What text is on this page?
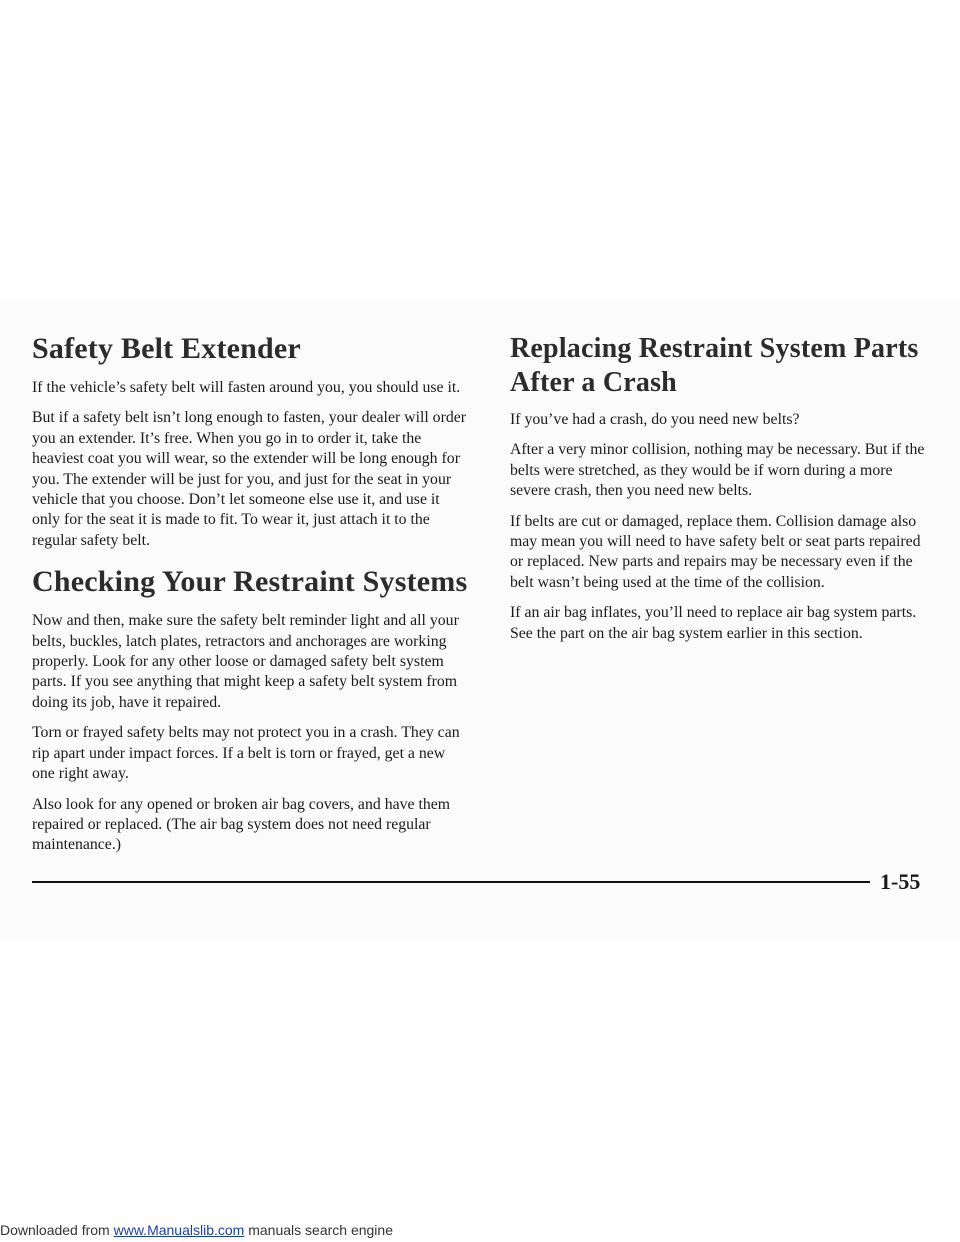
Safety Belt Extender

If the vehicle’s safety belt will fasten around you, you should use it.

But if a safety belt isn’t long enough to fasten, your dealer will order you an extender. It’s free. When you go in to order it, take the heaviest coat you will wear, so the extender will be long enough for you. The extender will be just for you, and just for the seat in your vehicle that you choose. Don’t let someone else use it, and use it only for the seat it is made to fit. To wear it, just attach it to the regular safety belt.

Checking Your Restraint Systems

Now and then, make sure the safety belt reminder light and all your belts, buckles, latch plates, retractors and anchorages are working properly. Look for any other loose or damaged safety belt system parts. If you see anything that might keep a safety belt system from doing its job, have it repaired.

Torn or frayed safety belts may not protect you in a crash. They can rip apart under impact forces. If a belt is torn or frayed, get a new one right away.

Also look for any opened or broken air bag covers, and have them repaired or replaced. (The air bag system does not need regular maintenance.)

Replacing Restraint System Parts
After a Crash

If you’ve had a crash, do you need new belts?

After a very minor collision, nothing may be necessary. But if the belts were stretched, as they would be if worn during a more severe crash, then you need new belts.

If belts are cut or damaged, replace them. Collision damage also may mean you will need to have safety belt or seat parts repaired or replaced. New parts and repairs may be necessary even if the belt wasn’t being used at the time of the collision.

If an air bag inflates, you’ll need to replace air bag system parts. See the part on the air bag system earlier in this section.

1-55
Downloaded from www.Manualslib.com manuals search engine
